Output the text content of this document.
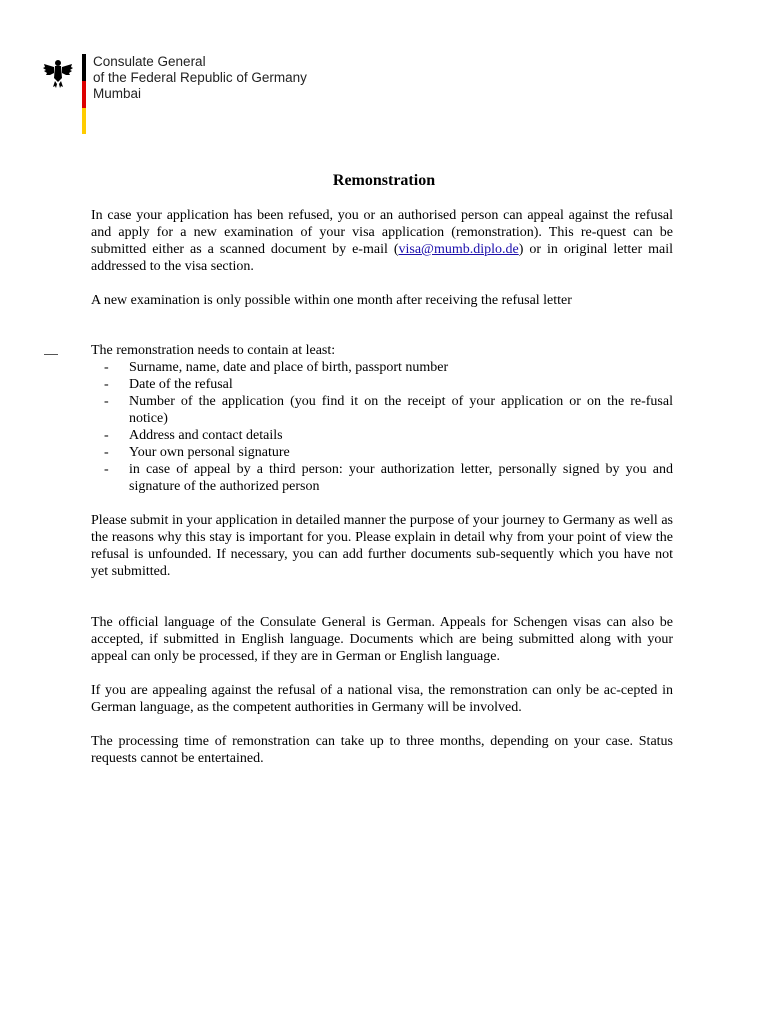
Consulate General
of the Federal Republic of Germany
Mumbai
Remonstration

In case your application has been refused, you or an authorised person can appeal against the refusal and apply for a new examination of your visa application (remonstration). This re-quest can be submitted either as a scanned document by e-mail (visa@mumb.diplo.de) or in original letter mail addressed to the visa section.

A new examination is only possible within one month after receiving the refusal letter

The remonstration needs to contain at least:

- Surname, name, date and place of birth, passport number
- Date of the refusal
- Number of the application (you find it on the receipt of your application or on the re-fusal notice)
- Address and contact details
- Your own personal signature
- in case of appeal by a third person: your authorization letter, personally signed by you and signature of the authorized person

Please submit in your application in detailed manner the purpose of your journey to Germany as well as the reasons why this stay is important for you. Please explain in detail why from your point of view the refusal is unfounded. If necessary, you can add further documents sub-sequently which you have not yet submitted.

The official language of the Consulate General is German. Appeals for Schengen visas can also be accepted, if submitted in English language. Documents which are being submitted along with your appeal can only be processed, if they are in German or English language.

If you are appealing against the refusal of a national visa, the remonstration can only be ac-cepted in German language, as the competent authorities in Germany will be involved.

The processing time of remonstration can take up to three months, depending on your case. Status requests cannot be entertained.
